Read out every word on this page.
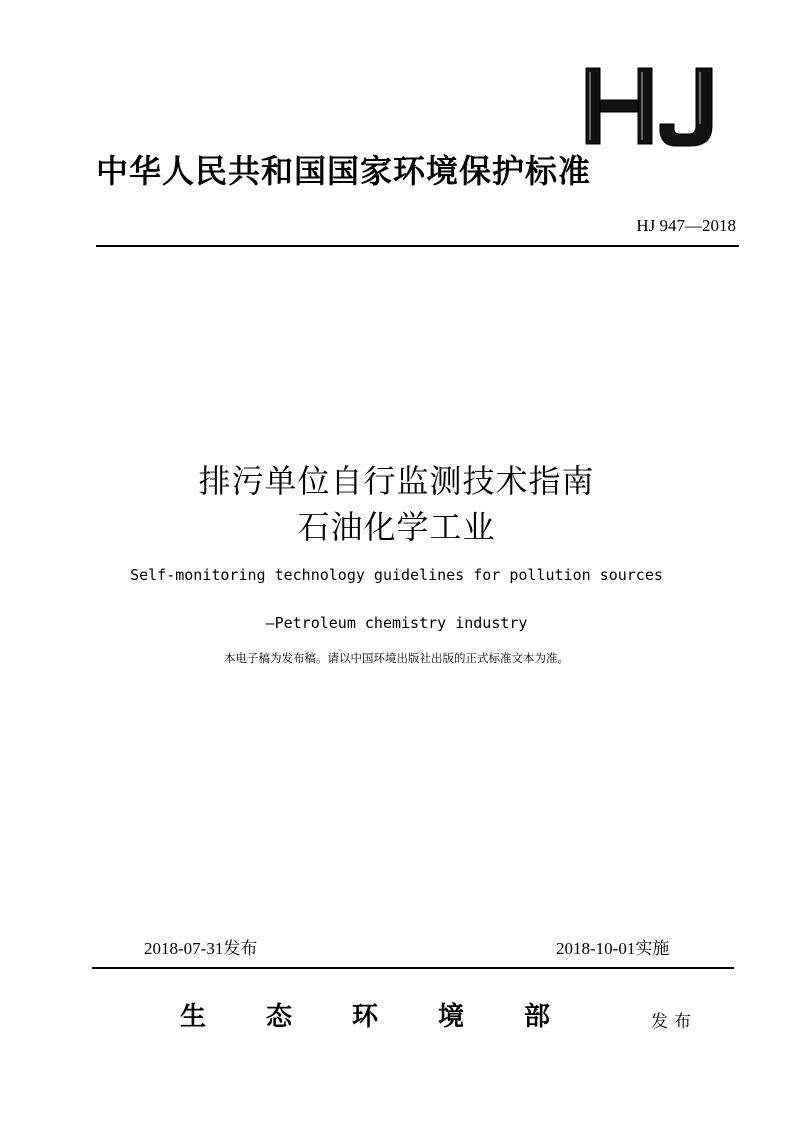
中华人民共和国国家环境保护标准
HJ 947—2018
排污单位自行监测技术指南
石油化学工业
Self-monitoring technology guidelines for pollution sources
—Petroleum chemistry industry
本电子稿为发布稿。请以中国环境出版社出版的正式标准文本为准。
2018-07-31发布	2018-10-01实施
生态环境部 发布
